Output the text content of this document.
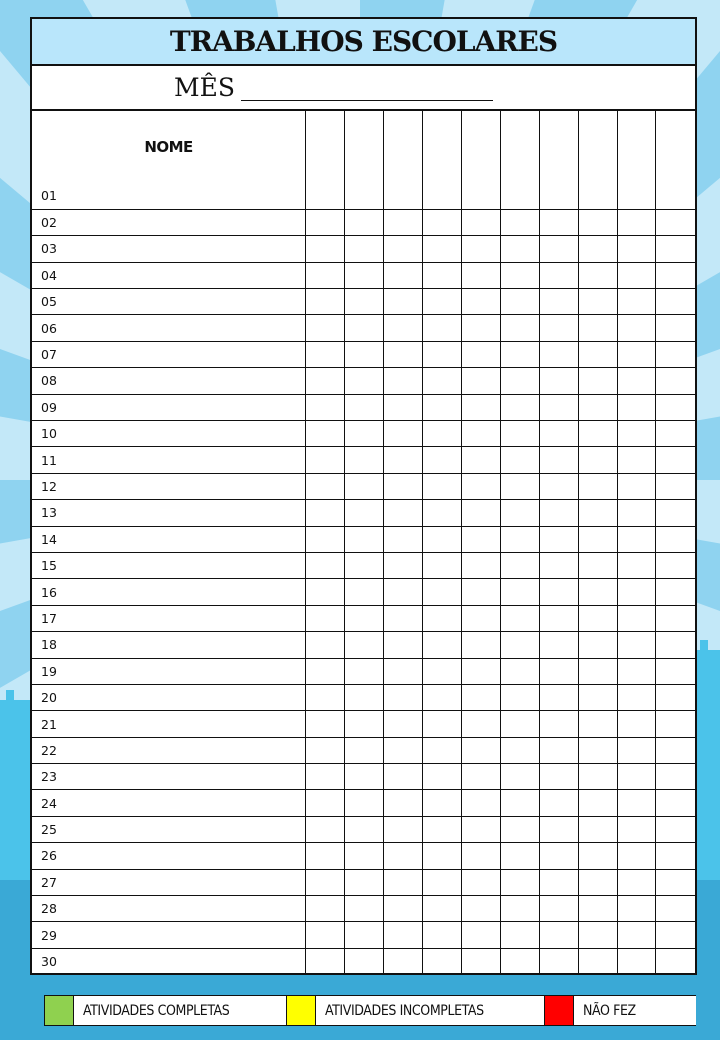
TRABALHOS ESCOLARES
MÊS
NOME										
01										
02										
03										
04										
05										
06										
07										
08										
09										
10										
11										
12										
13										
14										
15										
16										
17										
18										
19										
20										
21										
22										
23										
24										
25										
26										
27										
28										
29										
30										
ATIVIDADES COMPLETAS	ATIVIDADES INCOMPLETAS	NÃO FEZ
